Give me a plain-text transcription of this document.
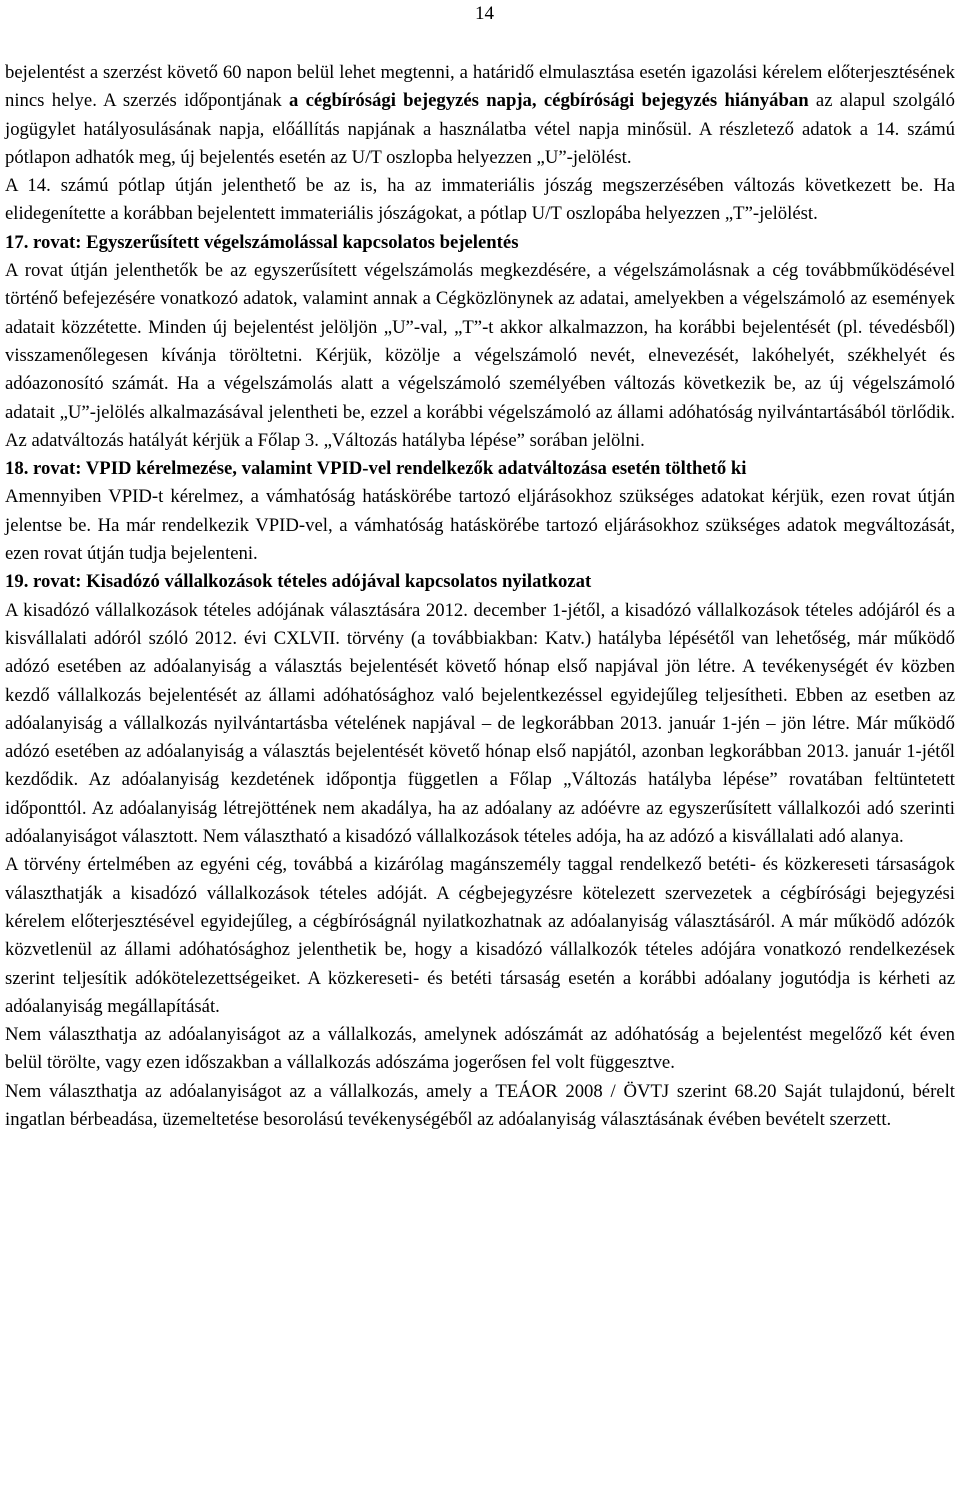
14

bejelentést a szerzést követő 60 napon belül lehet megtenni, a határidő elmulasztása esetén igazolási kérelem előterjesztésének nincs helye. A szerzés időpontjának a cégbírósági bejegyzés napja, cégbírósági bejegyzés hiányában az alapul szolgáló jogügylet hatályosulásának napja, előállítás napjának a használatba vétel napja minősül. A részletező adatok a 14. számú pótlapon adhatók meg, új bejelentés esetén az U/T oszlopba helyezzen „U”-jelölést.

A 14. számú pótlap útján jelenthető be az is, ha az immateriális jószág megszerzésében változás következett be. Ha elidegenítette a korábban bejelentett immateriális jószágokat, a pótlap U/T oszlopába helyezzen „T”-jelölést.

17. rovat: Egyszerűsített végelszámolással kapcsolatos bejelentés

A rovat útján jelenthetők be az egyszerűsített végelszámolás megkezdésére, a végelszámolásnak a cég továbbműködésével történő befejezésére vonatkozó adatok, valamint annak a Cégközlönynek az adatai, amelyekben a végelszámoló az események adatait közzétette. Minden új bejelentést jelöljön „U”-val, „T”-t akkor alkalmazzon, ha korábbi bejelentését (pl. tévedésből) visszamenőlegesen kívánja töröltetni. Kérjük, közölje a végelszámoló nevét, elnevezését, lakóhelyét, székhelyét és adóazonosító számát. Ha a végelszámolás alatt a végelszámoló személyében változás következik be, az új végelszámoló adatait „U”-jelölés alkalmazásával jelentheti be, ezzel a korábbi végelszámoló az állami adóhatóság nyilvántartásából törlődik. Az adatváltozás hatályát kérjük a Főlap 3. „Változás hatályba lépése” sorában jelölni.

18. rovat: VPID kérelmezése, valamint VPID-vel rendelkezők adatváltozása esetén tölthető ki

Amennyiben VPID-t kérelmez, a vámhatóság hatáskörébe tartozó eljárásokhoz szükséges adatokat kérjük, ezen rovat útján jelentse be. Ha már rendelkezik VPID-vel, a vámhatóság hatáskörébe tartozó eljárásokhoz szükséges adatok megváltozását, ezen rovat útján tudja bejelenteni.

19. rovat: Kisadózó vállalkozások tételes adójával kapcsolatos nyilatkozat

A kisadózó vállalkozások tételes adójának választására 2012. december 1-jétől, a kisadózó vállalkozások tételes adójáról és a kisvállalati adóról szóló 2012. évi CXLVII. törvény (a továbbiakban: Katv.) hatályba lépésétől van lehetőség, már működő adózó esetében az adóalanyiság a választás bejelentését követő hónap első napjával jön létre. A tevékenységét év közben kezdő vállalkozás bejelentését az állami adóhatósághoz való bejelentkezéssel egyidejűleg teljesítheti. Ebben az esetben az adóalanyiság a vállalkozás nyilvántartásba vételének napjával – de legkorábban 2013. január 1-jén – jön létre. Már működő adózó esetében az adóalanyiság a választás bejelentését követő hónap első napjától, azonban legkorábban 2013. január 1-jétől kezdődik. Az adóalanyiság kezdetének időpontja független a Főlap „Változás hatályba lépése” rovatában feltüntetett időponttól. Az adóalanyiság létrejöttének nem akadálya, ha az adóalany az adóévre az egyszerűsített vállalkozói adó szerinti adóalanyiságot választott. Nem választható a kisadózó vállalkozások tételes adója, ha az adózó a kisvállalati adó alanya.

A törvény értelmében az egyéni cég, továbbá a kizárólag magánszemély taggal rendelkező betéti- és közkereseti társaságok választhatják a kisadózó vállalkozások tételes adóját. A cégbejegyzésre kötelezett szervezetek a cégbírósági bejegyzési kérelem előterjesztésével egyidejűleg, a cégbíróságnál nyilatkozhatnak az adóalanyiság választásáról. A már működő adózók közvetlenül az állami adóhatósághoz jelenthetik be, hogy a kisadózó vállalkozók tételes adójára vonatkozó rendelkezések szerint teljesítik adókötelezettségeiket. A közkereseti- és betéti társaság esetén a korábbi adóalany jogutódja is kérheti az adóalanyiság megállapítását.

Nem választhatja az adóalanyiságot az a vállalkozás, amelynek adószámát az adóhatóság a bejelentést megelőző két éven belül törölte, vagy ezen időszakban a vállalkozás adószáma jogerősen fel volt függesztve.

Nem választhatja az adóalanyiságot az a vállalkozás, amely a TEÁOR 2008 / ÖVTJ szerint 68.20 Saját tulajdonú, bérelt ingatlan bérbeadása, üzemeltetése besorolású tevékenységéből az adóalanyiság választásának évében bevételt szerzett.
